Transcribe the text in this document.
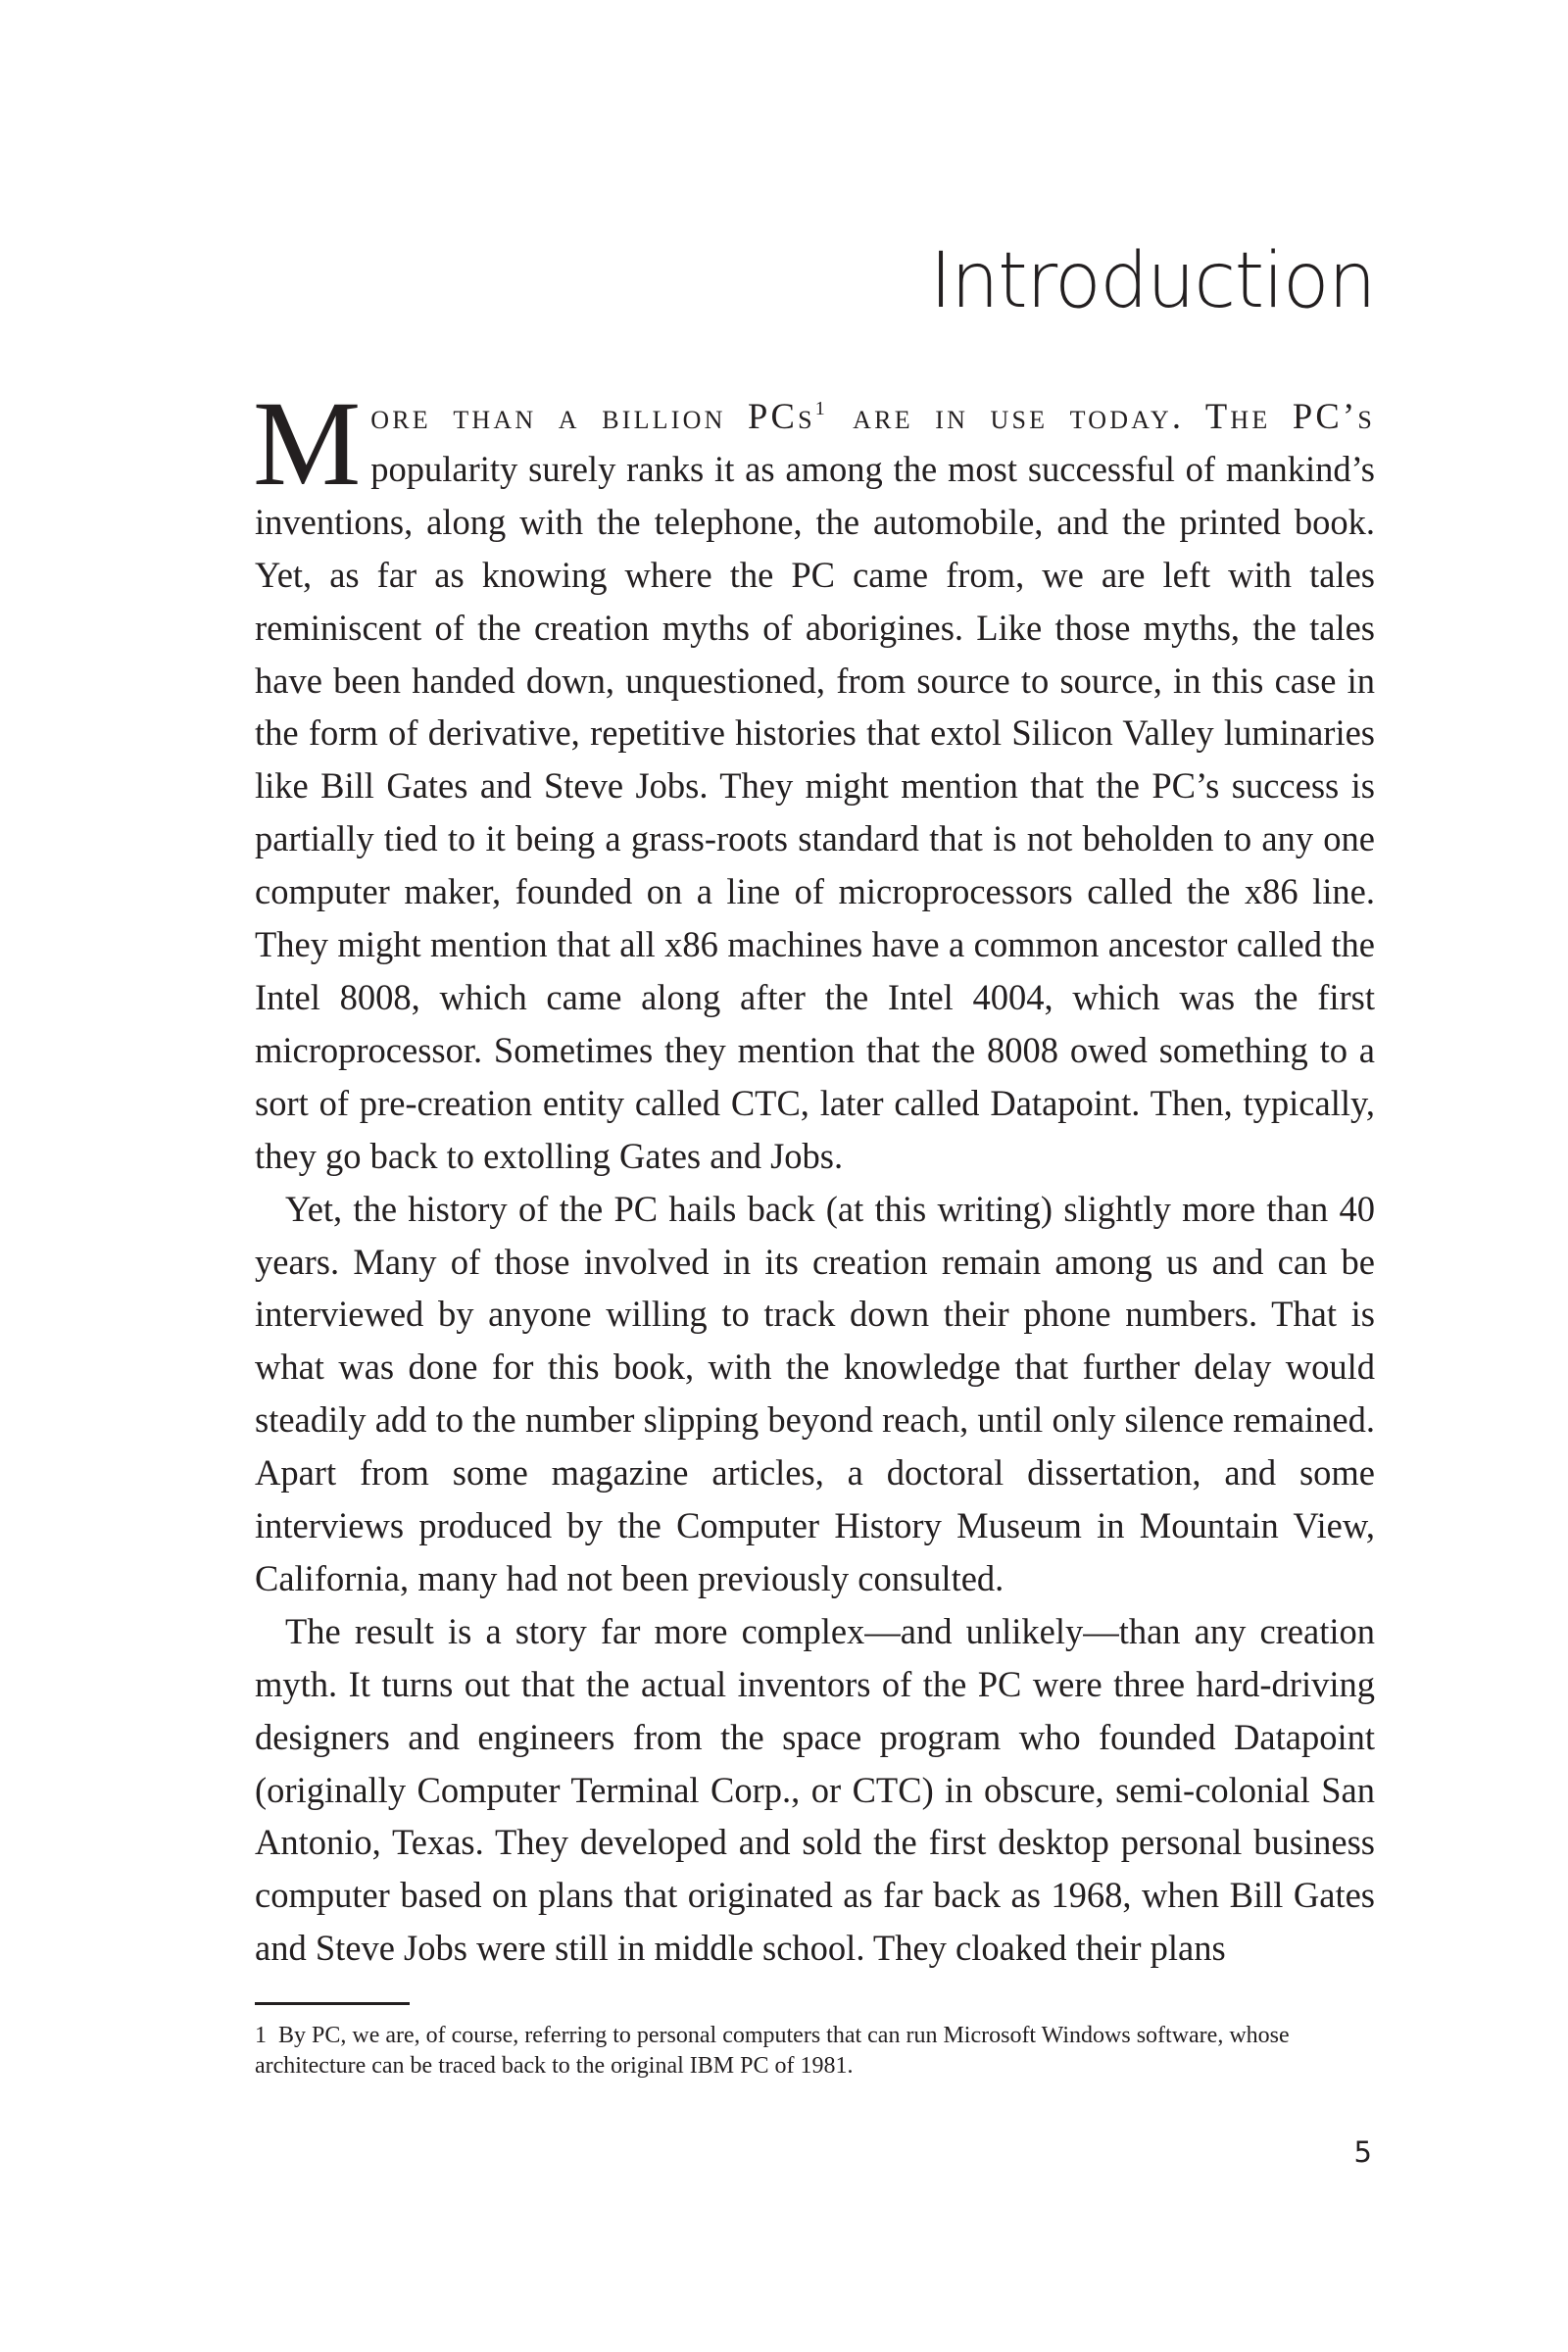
Introduction

More than a billion PCs$^1$ are in use today. The PC’s popularity surely ranks it as among the most successful of mankind’s inventions, along with the telephone, the automobile, and the printed book. Yet, as far as knowing where the PC came from, we are left with tales reminiscent of the creation myths of aborigines. Like those myths, the tales have been handed down, unquestioned, from source to source, in this case in the form of derivative, repetitive histories that extol Silicon Valley luminaries like Bill Gates and Steve Jobs. They might mention that the PC’s success is partially tied to it being a grass-roots standard that is not beholden to any one computer maker, founded on a line of microprocessors called the x86 line. They might mention that all x86 machines have a common ancestor called the Intel 8008, which came along after the Intel 4004, which was the first microprocessor. Sometimes they mention that the 8008 owed something to a sort of pre-creation entity called CTC, later called Datapoint. Then, typically, they go back to extolling Gates and Jobs.

Yet, the history of the PC hails back (at this writing) slightly more than 40 years. Many of those involved in its creation remain among us and can be interviewed by anyone willing to track down their phone numbers. That is what was done for this book, with the knowledge that further delay would steadily add to the number slipping beyond reach, until only silence remained. Apart from some magazine articles, a doctoral dissertation, and some interviews produced by the Computer History Museum in Mountain View, California, many had not been previously consulted.

The result is a story far more complex—and unlikely—than any creation myth. It turns out that the actual inventors of the PC were three hard-driving designers and engineers from the space program who founded Datapoint (originally Computer Terminal Corp., or CTC) in obscure, semi-colonial San Antonio, Texas. They developed and sold the first desktop personal business computer based on plans that originated as far back as 1968, when Bill Gates and Steve Jobs were still in middle school. They cloaked their plans

1 By PC, we are, of course, referring to personal computers that can run Microsoft Windows software, whose architecture can be traced back to the original IBM PC of 1981.
5
